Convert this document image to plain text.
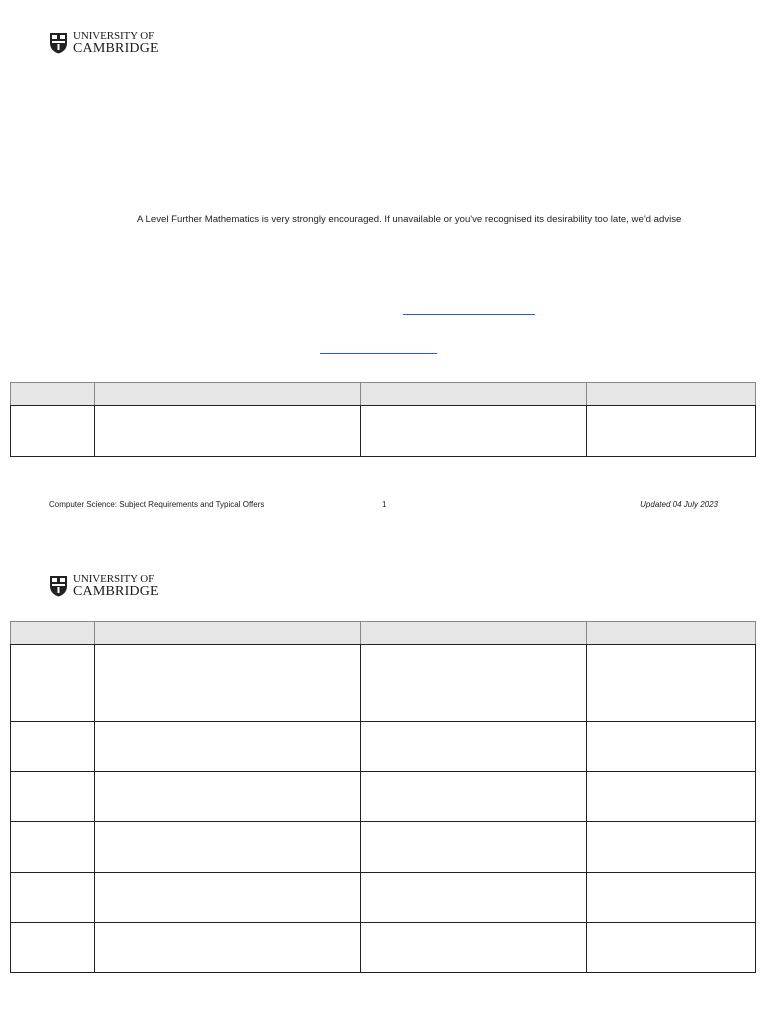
UNIVERSITY OF
CAMBRIDGE
A Level Further Mathematics is very strongly encouraged. If unavailable or you've recognised its desirability too late, we'd advise

Computer Science: Subject Requirements and Typical Offers	1	Updated 04 July 2023
UNIVERSITY OF
CAMBRIDGE
